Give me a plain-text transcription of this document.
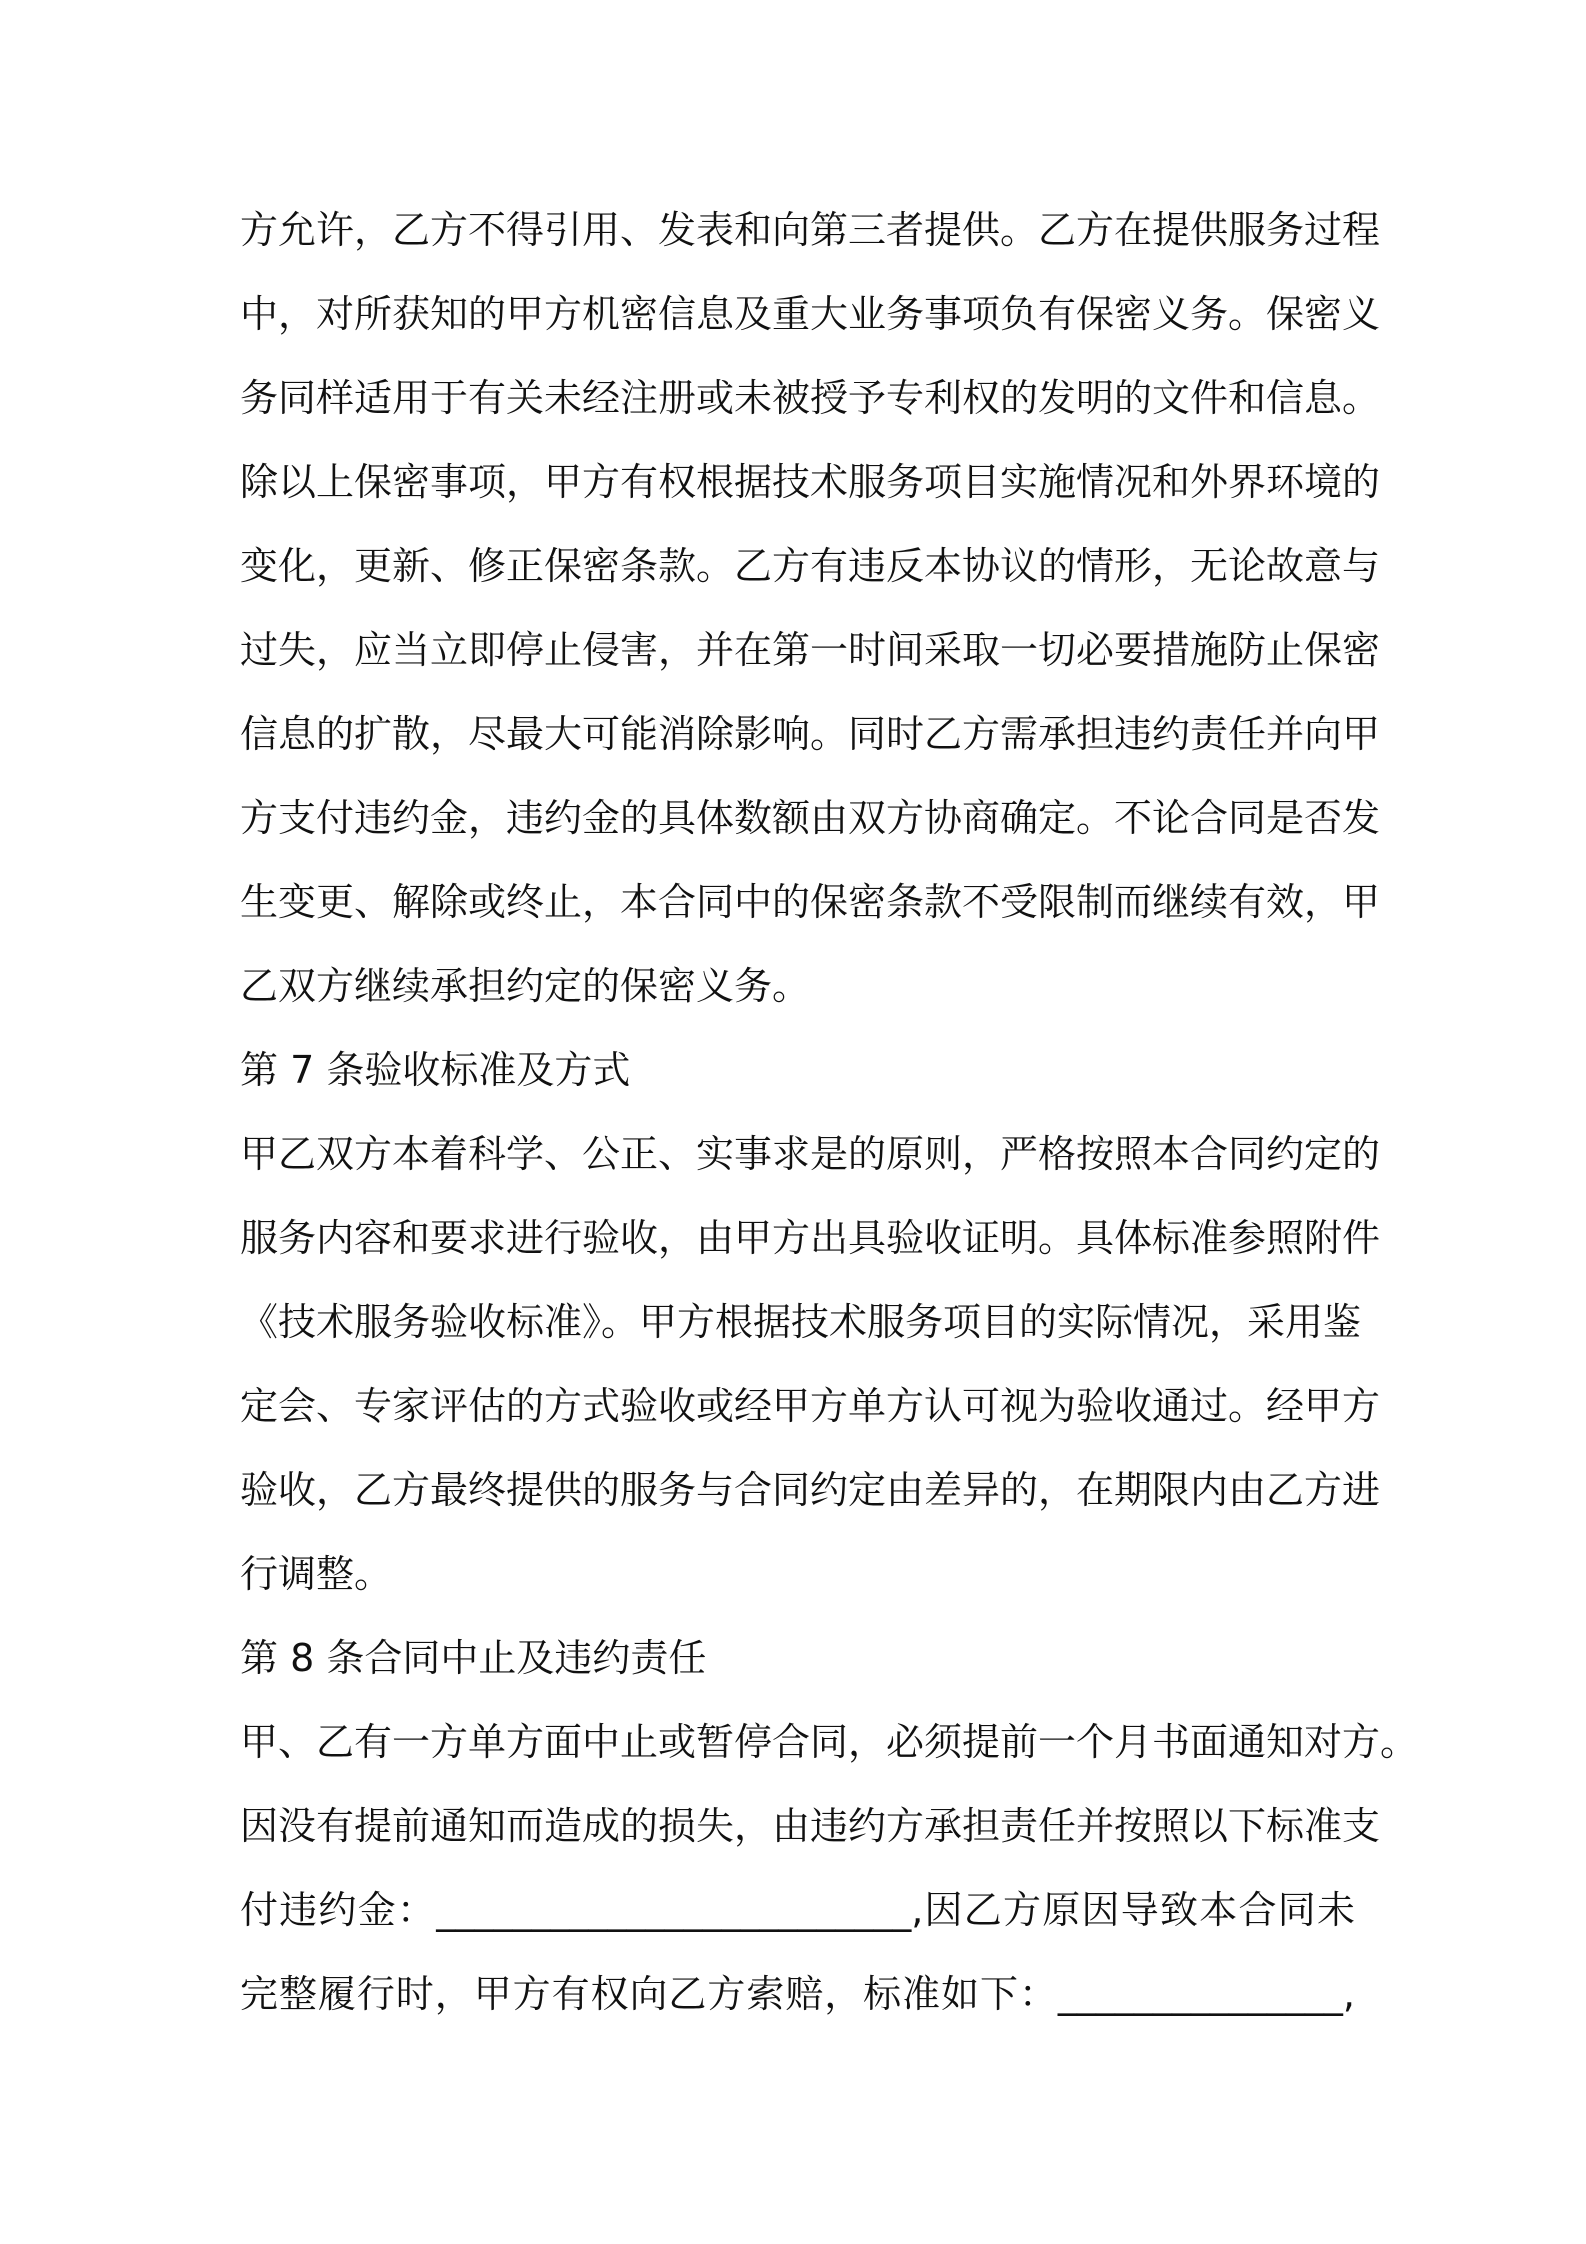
方允许，乙方不得引用、发表和向第三者提供。乙方在提供服务过程
中，对所获知的甲方机密信息及重大业务事项负有保密义务。保密义
务同样适用于有关未经注册或未被授予专利权的发明的文件和信息。
除以上保密事项，甲方有权根据技术服务项目实施情况和外界环境的
变化，更新、修正保密条款。乙方有违反本协议的情形，无论故意与
过失，应当立即停止侵害，并在第一时间采取一切必要措施防止保密
信息的扩散，尽最大可能消除影响。同时乙方需承担违约责任并向甲
方支付违约金，违约金的具体数额由双方协商确定。不论合同是否发
生变更、解除或终止，本合同中的保密条款不受限制而继续有效，甲
乙双方继续承担约定的保密义务。
第 7 条验收标准及方式
甲乙双方本着科学、公正、实事求是的原则，严格按照本合同约定的
服务内容和要求进行验收，由甲方出具验收证明。具体标准参照附件
《技术服务验收标准》。甲方根据技术服务项目的实际情况，采用鉴
定会、专家评估的方式验收或经甲方单方认可视为验收通过。经甲方
验收，乙方最终提供的服务与合同约定由差异的，在期限内由乙方进
行调整。
第 8 条合同中止及违约责任
甲、乙有一方单方面中止或暂停合同，必须提前一个月书面通知对方。
因没有提前通知而造成的损失，由违约方承担责任并按照以下标准支
付违约金：_________________________,因乙方原因导致本合同未
完整履行时，甲方有权向乙方索赔，标准如下：_______________,
